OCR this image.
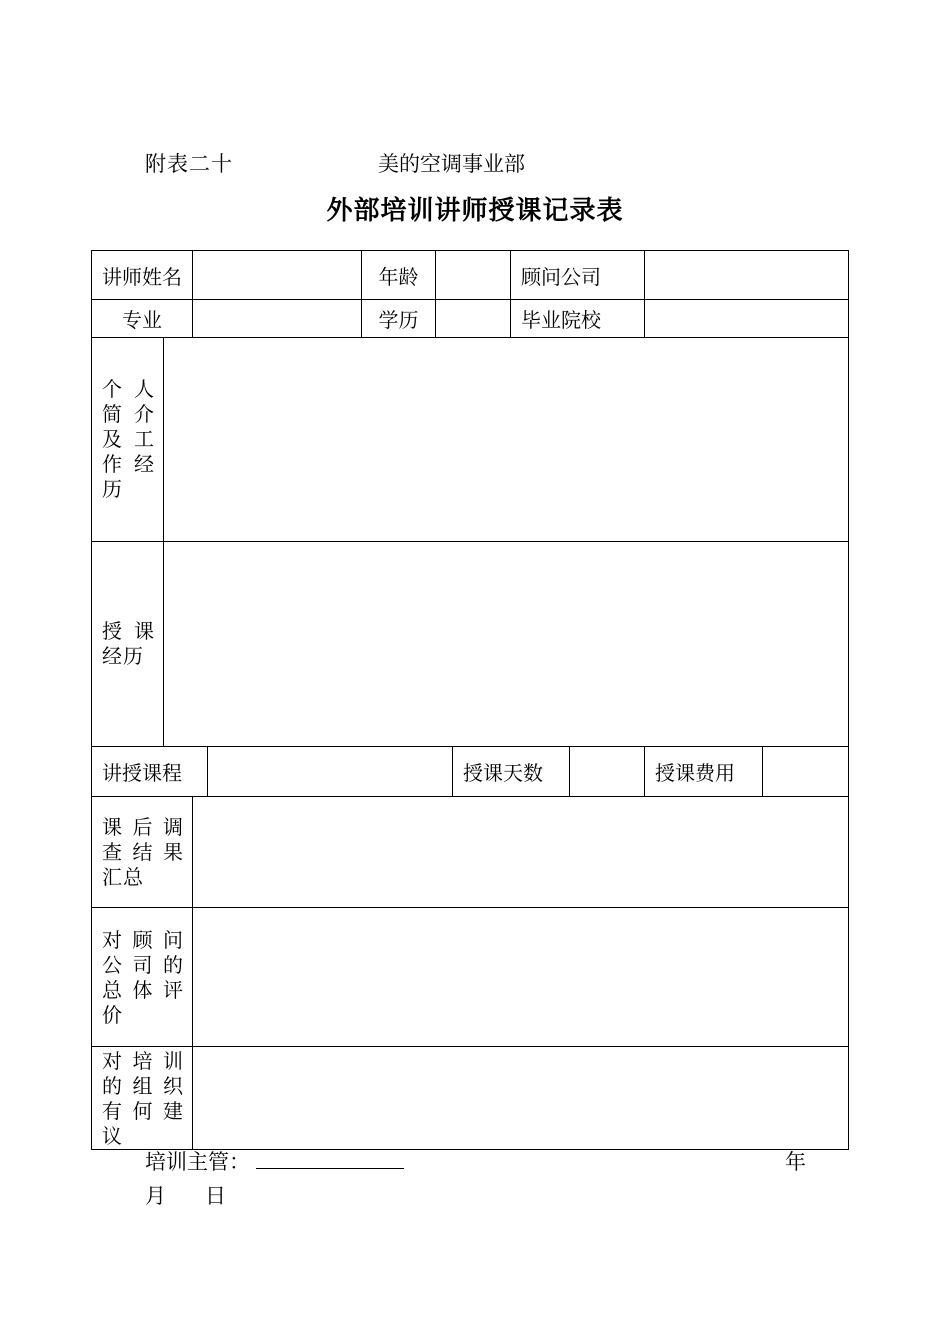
附表二十	美的空调事业部
外部培训讲师授课记录表
讲师姓名				年龄			顾问公司			
专业				学历			毕业院校			
个人简介及工作经历										
授课经历										
讲授课程						授课天数			授课费用	
课后调查结果汇总										
对顾问公司的总体评价										
对培训的组织有何建议										
培训主管：	年
月 日
